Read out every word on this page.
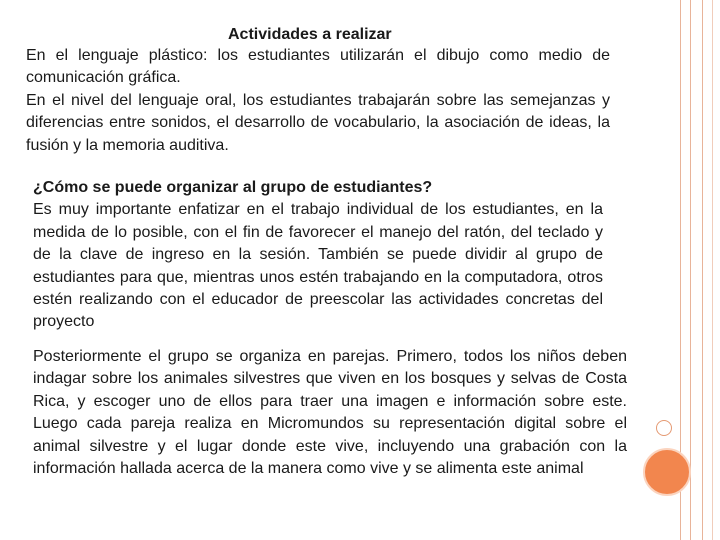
Actividades a realizar

En el lenguaje plástico: los estudiantes utilizarán el dibujo como medio de comunicación gráfica.

En el nivel del lenguaje oral, los estudiantes trabajarán sobre las semejanzas y diferencias entre sonidos, el desarrollo de vocabulario, la asociación de ideas, la fusión y la memoria auditiva.

¿Cómo se puede organizar al grupo de estudiantes?

Es muy importante enfatizar en el trabajo individual de los estudiantes, en la medida de lo posible, con el fin de favorecer el manejo del ratón, del teclado y de la clave de ingreso en la sesión. También se puede dividir al grupo de estudiantes para que, mientras unos estén trabajando en la computadora, otros estén realizando con el educador de preescolar las actividades concretas del proyecto

Posteriormente el grupo se organiza en parejas. Primero, todos los niños deben indagar sobre los animales silvestres que viven en los bosques y selvas de Costa Rica, y escoger uno de ellos para traer una imagen e información sobre este. Luego cada pareja realiza en Micromundos su representación digital sobre el animal silvestre y el lugar donde este vive, incluyendo una grabación con la información hallada acerca de la manera como vive y se alimenta este animal
